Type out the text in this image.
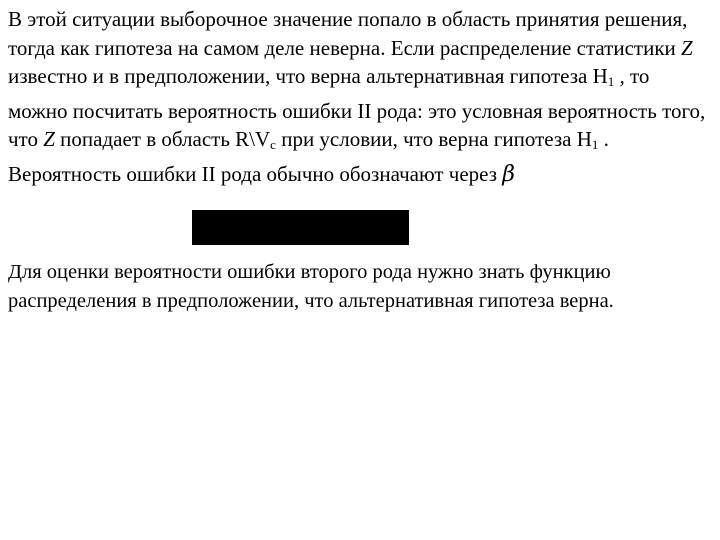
В этой ситуации выборочное значение попало в область принятия решения, тогда как гипотеза на самом деле неверна. Если распределение статистики Z известно и в предположении, что верна альтернативная гипотеза $H_1$ , то можно посчитать вероятность ошибки II рода: это условная вероятность того, что Z попадает в область $R\backslash V_c$ при условии, что верна гипотеза $H_1$ . Вероятность ошибки II рода обычно обозначают через β

Для оценки вероятности ошибки второго рода нужно знать функцию распределения в предположении, что альтернативная гипотеза верна.
